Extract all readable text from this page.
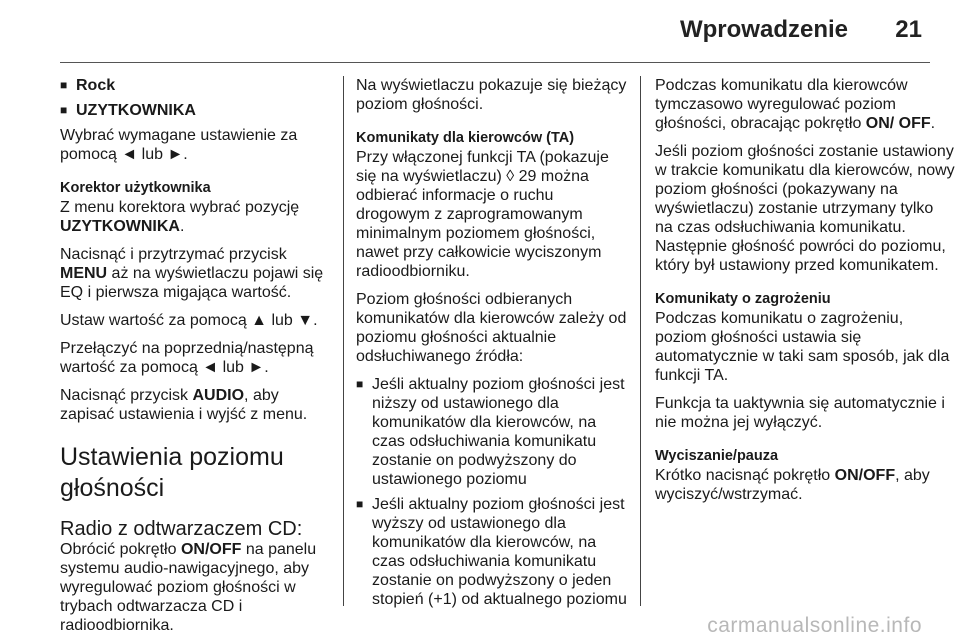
Wprowadzenie 21
■ Rock
■ UZYTKOWNIKA

Wybrać wymagane ustawienie za pomocą ◄ lub ►.

Korektor użytkownika

Z menu korektora wybrać pozycję UZYTKOWNIKA.

Nacisnąć i przytrzymać przycisk MENU aż na wyświetlaczu pojawi się EQ i pierwsza migająca wartość.

Ustaw wartość za pomocą ▲ lub ▼.

Przełączyć na poprzednią/następną wartość za pomocą ◄ lub ►.

Nacisnąć przycisk AUDIO, aby zapisać ustawienia i wyjść z menu.

Ustawienia poziomu głośności
Radio z odtwarzaczem CD:

Obrócić pokrętło ON/OFF na panelu systemu audio-nawigacyjnego, aby wyregulować poziom głośności w trybach odtwarzacza CD i radioodbiornika.

Na wyświetlaczu pokazuje się bieżący poziom głośności.

Komunikaty dla kierowców (TA)

Przy włączonej funkcji TA (pokazuje się na wyświetlaczu) ◊ 29 można odbierać informacje o ruchu drogowym z zaprogramowanym minimalnym poziomem głośności, nawet przy całkowicie wyciszonym radioodbiorniku.

Poziom głośności odbieranych komunikatów dla kierowców zależy od poziomu głośności aktualnie odsłuchiwanego źródła:

■ Jeśli aktualny poziom głośności jest niższy od ustawionego dla komunikatów dla kierowców, na czas odsłuchiwania komunikatu zostanie on podwyższony do ustawionego poziomu
■ Jeśli aktualny poziom głośności jest wyższy od ustawionego dla komunikatów dla kierowców, na czas odsłuchiwania komunikatu zostanie on podwyższony o jeden stopień (+1) od aktualnego poziomu

Podczas komunikatu dla kierowców tymczasowo wyregulować poziom głośności, obracając pokrętło ON/ OFF.

Jeśli poziom głośności zostanie ustawiony w trakcie komunikatu dla kierowców, nowy poziom głośności (pokazywany na wyświetlaczu) zostanie utrzymany tylko na czas odsłuchiwania komunikatu. Następnie głośność powróci do poziomu, który był ustawiony przed komunikatem.

Komunikaty o zagrożeniu

Podczas komunikatu o zagrożeniu, poziom głośności ustawia się automatycznie w taki sam sposób, jak dla funkcji TA.

Funkcja ta uaktywnia się automatycznie i nie można jej wyłączyć.

Wyciszanie/pauza

Krótko nacisnąć pokrętło ON/OFF, aby wyciszyć/wstrzymać.

carmanualsonline.info
